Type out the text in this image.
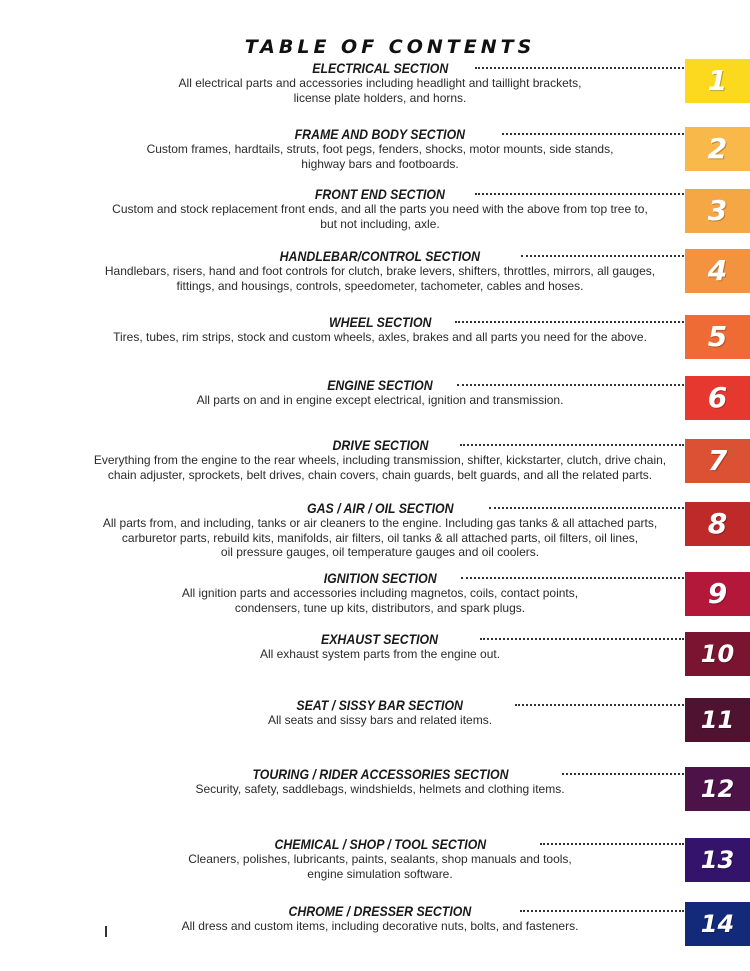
TABLE OF CONTENTS
ELECTRICAL SECTION
All electrical parts and accessories including headlight and taillight brackets,
license plate holders, and horns.
1
FRAME AND BODY SECTION
Custom frames, hardtails, struts, foot pegs, fenders, shocks, motor mounts, side stands,
highway bars and footboards.	2
FRONT END SECTION
Custom and stock replacement front ends, and all the parts you need with the above from top tree to,
but not including, axle.	3
HANDLEBAR/CONTROL SECTION
Handlebars, risers, hand and foot controls for clutch, brake levers, shifters, throttles, mirrors, all gauges,
fittings, and housings, controls, speedometer, tachometer, cables and hoses.	4
WHEEL SECTION
Tires, tubes, rim strips, stock and custom wheels, axles, brakes and all parts you need for the above.	5
ENGINE SECTION
All parts on and in engine except electrical, ignition and transmission.	6
DRIVE SECTION
Everything from the engine to the rear wheels, including transmission, shifter, kickstarter, clutch, drive chain,
chain adjuster, sprockets, belt drives, chain covers, chain guards, belt guards, and all the related parts.	7
GAS / AIR / OIL SECTION
All parts from, and including, tanks or air cleaners to the engine. Including gas tanks & all attached parts,
carburetor parts, rebuild kits, manifolds, air filters, oil tanks & all attached parts, oil filters, oil lines,
oil pressure gauges, oil temperature gauges and oil coolers.
8
IGNITION SECTION
All ignition parts and accessories including magnetos, coils, contact points,
condensers, tune up kits, distributors, and spark plugs.	9
EXHAUST SECTION
All exhaust system parts from the engine out.	10
SEAT / SISSY BAR SECTION
All seats and sissy bars and related items.	11
TOURING / RIDER ACCESSORIES SECTION
Security, safety, saddlebags, windshields, helmets and clothing items.	12
CHEMICAL / SHOP / TOOL SECTION
Cleaners, polishes, lubricants, paints, sealants, shop manuals and tools,
engine simulation software.	13
CHROME / DRESSER SECTION
All dress and custom items, including decorative nuts, bolts, and fasteners.	14
